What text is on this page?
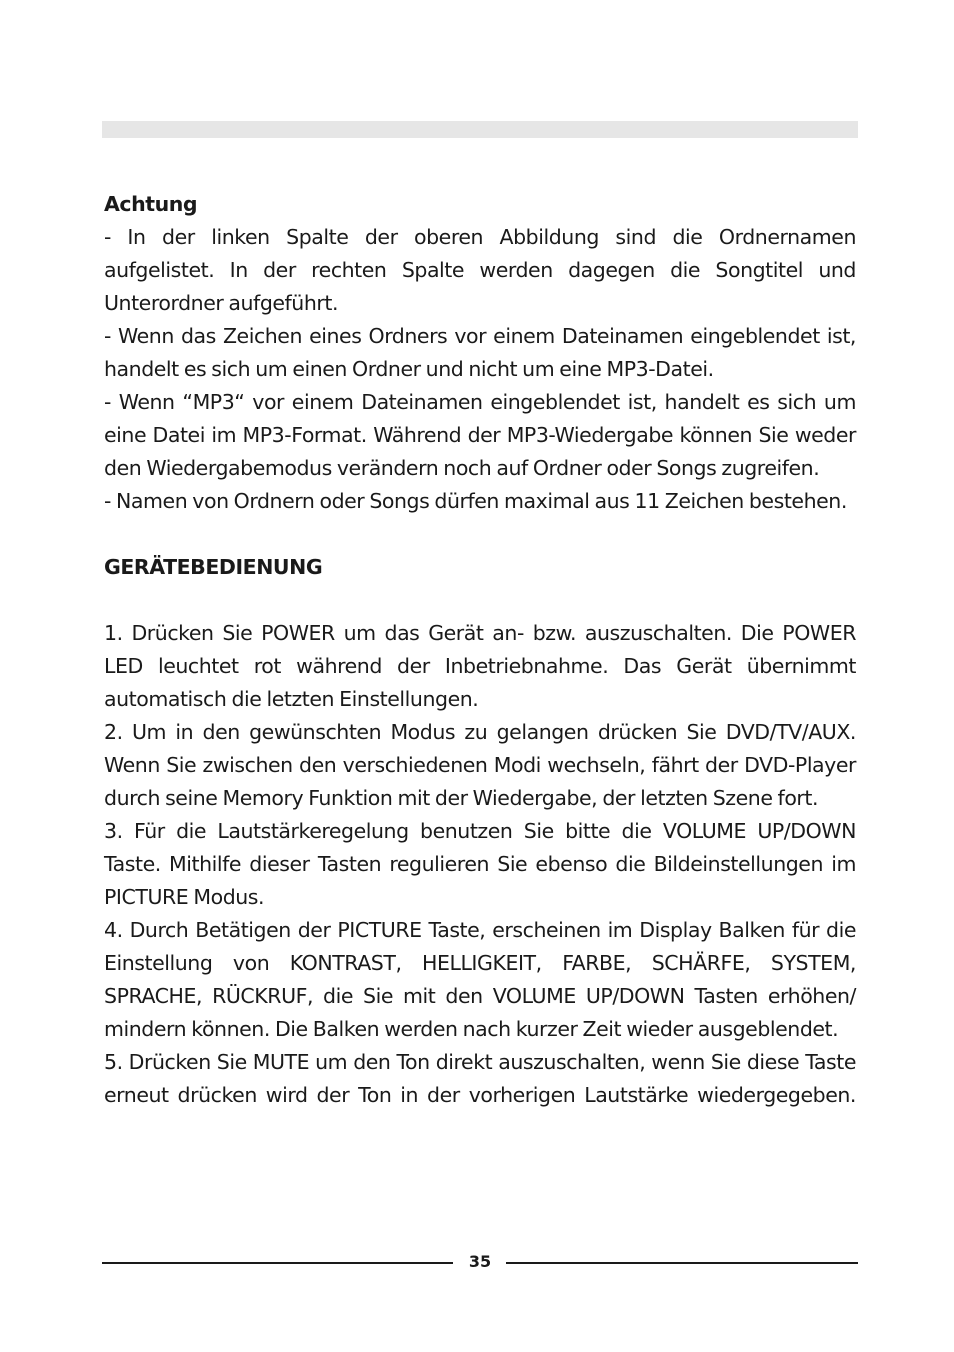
Achtung

- In der linken Spalte der oberen Abbildung sind die Ordnernamen aufgelistet. In der rechten Spalte werden dagegen die Songtitel und Unterordner aufgeführt.

- Wenn das Zeichen eines Ordners vor einem Dateinamen eingeblendet ist, handelt es sich um einen Ordner und nicht um eine MP3-Datei.

- Wenn “MP3“ vor einem Dateinamen eingeblendet ist, handelt es sich um eine Datei im MP3-Format. Während der MP3-Wiedergabe können Sie weder den Wiedergabemodus verändern noch auf Ordner oder Songs zugreifen.

- Namen von Ordnern oder Songs dürfen maximal aus 11 Zeichen bestehen.

GERÄTEBEDIENUNG

1. Drücken Sie POWER um das Gerät an- bzw. auszuschalten. Die POWER LED leuchtet rot während der Inbetriebnahme. Das Gerät übernimmt automatisch die letzten Einstellungen.

2. Um in den gewünschten Modus zu gelangen drücken Sie DVD/TV/AUX. Wenn Sie zwischen den verschiedenen Modi wechseln, fährt der DVD-Player durch seine Memory Funktion mit der Wiedergabe, der letzten Szene fort.

3. Für die Lautstärkeregelung benutzen Sie bitte die VOLUME UP/DOWN Taste. Mithilfe dieser Tasten regulieren Sie ebenso die Bildeinstellungen im PICTURE Modus.

4. Durch Betätigen der PICTURE Taste, erscheinen im Display Balken für die Einstellung von KONTRAST, HELLIGKEIT, FARBE, SCHÄRFE, SYSTEM, SPRACHE, RÜCKRUF, die Sie mit den VOLUME UP/DOWN Tasten erhöhen/ mindern können. Die Balken werden nach kurzer Zeit wieder ausgeblendet.

5. Drücken Sie MUTE um den Ton direkt auszuschalten, wenn Sie diese Taste erneut drücken wird der Ton in der vorherigen Lautstärke wiedergegeben.

35
